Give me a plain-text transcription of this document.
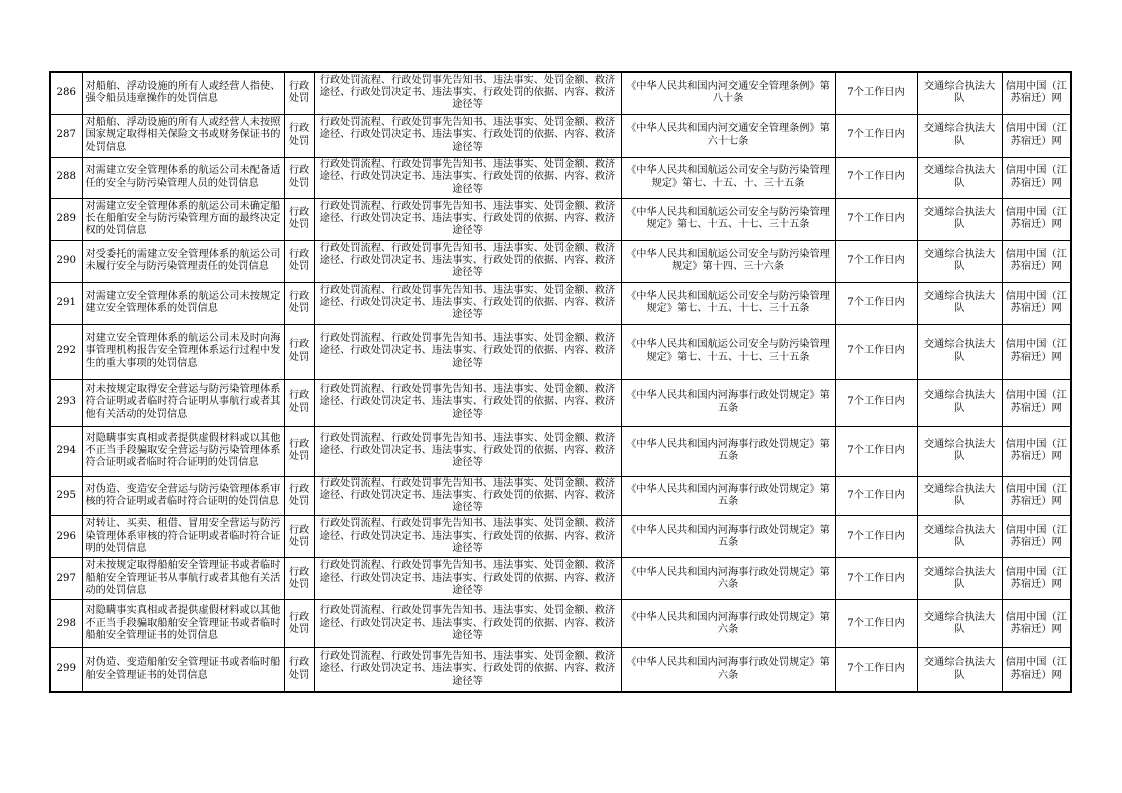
286	对船舶、浮动设施的所有人或经营人指使、强令船员违章操作的处罚信息	行政处罚	行政处罚流程、行政处罚事先告知书、违法事实、处罚金额、救济途径、行政处罚决定书、违法事实、行政处罚的依据、内容、救济途径等	《中华人民共和国内河交通安全管理条例》第八十条	7个工作日内	交通综合执法大队	信用中国（江苏宿迁）网
287	对船舶、浮动设施的所有人或经营人未按照国家规定取得相关保险文书或财务保证书的处罚信息	行政处罚	行政处罚流程、行政处罚事先告知书、违法事实、处罚金额、救济途径、行政处罚决定书、违法事实、行政处罚的依据、内容、救济途径等	《中华人民共和国内河交通安全管理条例》第六十七条	7个工作日内	交通综合执法大队	信用中国（江苏宿迁）网
288	对需建立安全管理体系的航运公司未配备适任的安全与防污染管理人员的处罚信息	行政处罚	行政处罚流程、行政处罚事先告知书、违法事实、处罚金额、救济途径、行政处罚决定书、违法事实、行政处罚的依据、内容、救济途径等	《中华人民共和国航运公司安全与防污染管理规定》第七、十五、十、三十五条	7个工作日内	交通综合执法大队	信用中国（江苏宿迁）网
289	对需建立安全管理体系的航运公司未确定船长在船舶安全与防污染管理方面的最终决定权的处罚信息	行政处罚	行政处罚流程、行政处罚事先告知书、违法事实、处罚金额、救济途径、行政处罚决定书、违法事实、行政处罚的依据、内容、救济途径等	《中华人民共和国航运公司安全与防污染管理规定》第七、十五、十七、三十五条	7个工作日内	交通综合执法大队	信用中国（江苏宿迁）网
290	对受委托的需建立安全管理体系的航运公司未履行安全与防污染管理责任的处罚信息	行政处罚	行政处罚流程、行政处罚事先告知书、违法事实、处罚金额、救济途径、行政处罚决定书、违法事实、行政处罚的依据、内容、救济途径等	《中华人民共和国航运公司安全与防污染管理规定》第十四、三十六条	7个工作日内	交通综合执法大队	信用中国（江苏宿迁）网
291	对需建立安全管理体系的航运公司未按规定建立安全管理体系的处罚信息	行政处罚	行政处罚流程、行政处罚事先告知书、违法事实、处罚金额、救济途径、行政处罚决定书、违法事实、行政处罚的依据、内容、救济途径等	《中华人民共和国航运公司安全与防污染管理规定》第七、十五、十七、三十五条	7个工作日内	交通综合执法大队	信用中国（江苏宿迁）网
292	对建立安全管理体系的航运公司未及时向海事管理机构报告安全管理体系运行过程中发生的重大事项的处罚信息	行政处罚	行政处罚流程、行政处罚事先告知书、违法事实、处罚金额、救济途径、行政处罚决定书、违法事实、行政处罚的依据、内容、救济途径等	《中华人民共和国航运公司安全与防污染管理规定》第七、十五、十七、三十五条	7个工作日内	交通综合执法大队	信用中国（江苏宿迁）网
293	对未按规定取得安全营运与防污染管理体系符合证明或者临时符合证明从事航行或者其他有关活动的处罚信息	行政处罚	行政处罚流程、行政处罚事先告知书、违法事实、处罚金额、救济途径、行政处罚决定书、违法事实、行政处罚的依据、内容、救济途径等	《中华人民共和国内河海事行政处罚规定》第五条	7个工作日内	交通综合执法大队	信用中国（江苏宿迁）网
294	对隐瞒事实真相或者提供虚假材料或以其他不正当手段骗取安全营运与防污染管理体系符合证明或者临时符合证明的处罚信息	行政处罚	行政处罚流程、行政处罚事先告知书、违法事实、处罚金额、救济途径、行政处罚决定书、违法事实、行政处罚的依据、内容、救济途径等	《中华人民共和国内河海事行政处罚规定》第五条	7个工作日内	交通综合执法大队	信用中国（江苏宿迁）网
295	对伪造、变造安全营运与防污染管理体系审核的符合证明或者临时符合证明的处罚信息	行政处罚	行政处罚流程、行政处罚事先告知书、违法事实、处罚金额、救济途径、行政处罚决定书、违法事实、行政处罚的依据、内容、救济途径等	《中华人民共和国内河海事行政处罚规定》第五条	7个工作日内	交通综合执法大队	信用中国（江苏宿迁）网
296	对转让、买卖、租借、冒用安全营运与防污染管理体系审核的符合证明或者临时符合证明的处罚信息	行政处罚	行政处罚流程、行政处罚事先告知书、违法事实、处罚金额、救济途径、行政处罚决定书、违法事实、行政处罚的依据、内容、救济途径等	《中华人民共和国内河海事行政处罚规定》第五条	7个工作日内	交通综合执法大队	信用中国（江苏宿迁）网
297	对未按规定取得船舶安全管理证书或者临时船舶安全管理证书从事航行或者其他有关活动的处罚信息	行政处罚	行政处罚流程、行政处罚事先告知书、违法事实、处罚金额、救济途径、行政处罚决定书、违法事实、行政处罚的依据、内容、救济途径等	《中华人民共和国内河海事行政处罚规定》第六条	7个工作日内	交通综合执法大队	信用中国（江苏宿迁）网
298	对隐瞒事实真相或者提供虚假材料或以其他不正当手段骗取船舶安全管理证书或者临时船舶安全管理证书的处罚信息	行政处罚	行政处罚流程、行政处罚事先告知书、违法事实、处罚金额、救济途径、行政处罚决定书、违法事实、行政处罚的依据、内容、救济途径等	《中华人民共和国内河海事行政处罚规定》第六条	7个工作日内	交通综合执法大队	信用中国（江苏宿迁）网
299	对伪造、变造船舶安全管理证书或者临时船舶安全管理证书的处罚信息	行政处罚	行政处罚流程、行政处罚事先告知书、违法事实、处罚金额、救济途径、行政处罚决定书、违法事实、行政处罚的依据、内容、救济途径等	《中华人民共和国内河海事行政处罚规定》第六条	7个工作日内	交通综合执法大队	信用中国（江苏宿迁）网
